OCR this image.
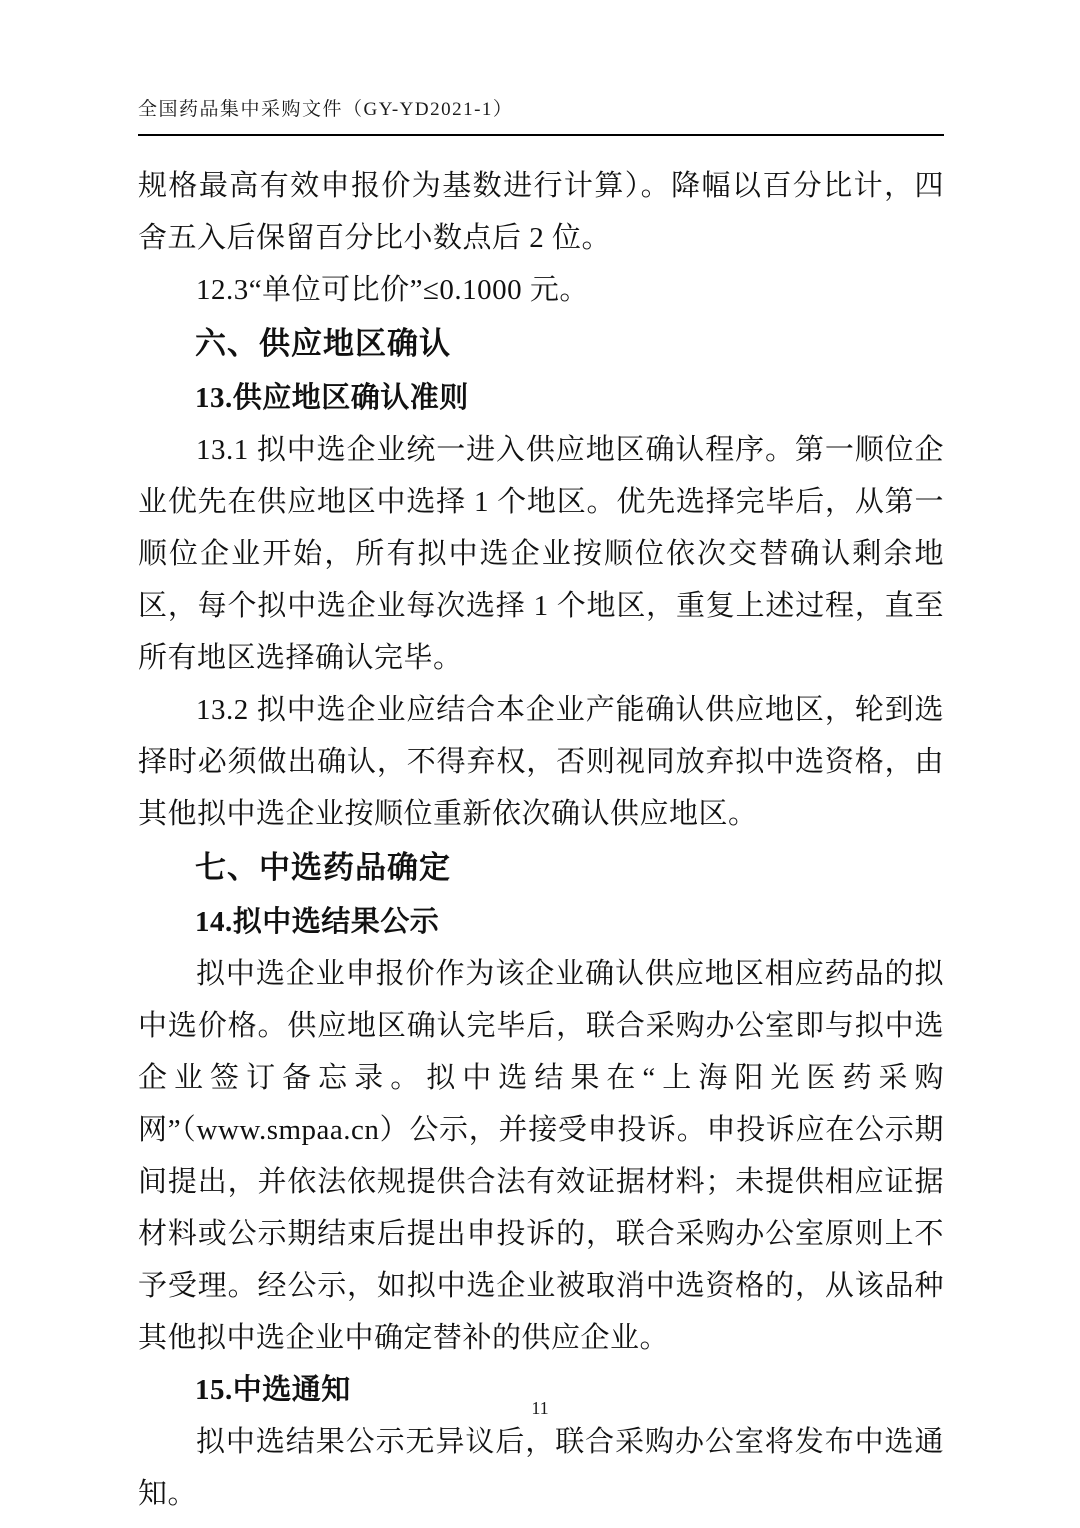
全国药品集中采购文件（GY-YD2021-1）

规格最高有效申报价为基数进行计算）。降幅以百分比计，四舍五入后保留百分比小数点后 2 位。

12.3“单位可比价”≤0.1000 元。

六、供应地区确认
13.供应地区确认准则

13.1 拟中选企业统一进入供应地区确认程序。第一顺位企业优先在供应地区中选择 1 个地区。优先选择完毕后，从第一顺位企业开始，所有拟中选企业按顺位依次交替确认剩余地区，每个拟中选企业每次选择 1 个地区，重复上述过程，直至所有地区选择确认完毕。

13.2 拟中选企业应结合本企业产能确认供应地区，轮到选择时必须做出确认，不得弃权，否则视同放弃拟中选资格，由其他拟中选企业按顺位重新依次确认供应地区。

七、中选药品确定
14.拟中选结果公示

拟中选企业申报价作为该企业确认供应地区相应药品的拟中选价格。供应地区确认完毕后，联合采购办公室即与拟中选企业签订备忘录。拟中选结果在“上海阳光医药采购网”（www.smpaa.cn）公示，并接受申投诉。申投诉应在公示期间提出，并依法依规提供合法有效证据材料；未提供相应证据材料或公示期结束后提出申投诉的，联合采购办公室原则上不予受理。经公示，如拟中选企业被取消中选资格的，从该品种其他拟中选企业中确定替补的供应企业。

15.中选通知

拟中选结果公示无异议后，联合采购办公室将发布中选通知。

11
